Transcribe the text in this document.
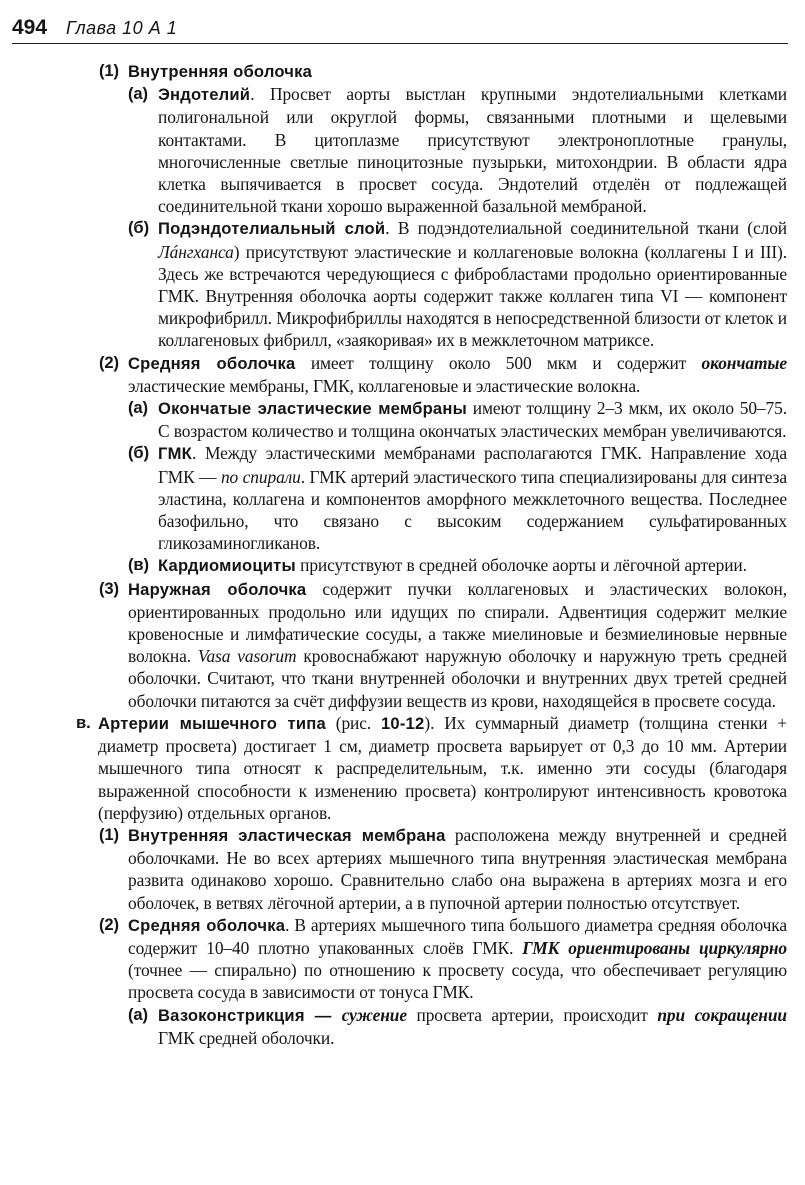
494 Глава 10 А 1
(1) Внутренняя оболочка
(а) Эндотелий. Просвет аорты выстлан крупными эндотелиальными клетками полигональной или округлой формы, связанными плотными и щелевыми контактами. В цитоплазме присутствуют электроноплотные гранулы, многочисленные светлые пиноцитозные пузырьки, митохондрии. В области ядра клетка выпячивается в просвет сосуда. Эндотелий отделён от подлежащей соединительной ткани хорошо выраженной базальной мембраной.
(б) Подэндотелиальный слой. В подэндотелиальной соединительной ткани (слой Лáнгханса) присутствуют эластические и коллагеновые волокна (коллагены I и III). Здесь же встречаются чередующиеся с фибробластами продольно ориентированные ГМК. Внутренняя оболочка аорты содержит также коллаген типа VI — компонент микрофибрилл. Микрофибриллы находятся в непосредственной близости от клеток и коллагеновых фибрилл, «заякоривая» их в межклеточном матриксе.
(2) Средняя оболочка имеет толщину около 500 мкм и содержит окончатые эластические мембраны, ГМК, коллагеновые и эластические волокна.
(а) Окончатые эластические мембраны имеют толщину 2–3 мкм, их около 50–75. С возрастом количество и толщина окончатых эластических мембран увеличиваются.
(б) ГМК. Между эластическими мембранами располагаются ГМК. Направление хода ГМК — по спирали. ГМК артерий эластического типа специализированы для синтеза эластина, коллагена и компонентов аморфного межклеточного вещества. Последнее базофильно, что связано с высоким содержанием сульфатированных гликозаминогликанов.
(в) Кардиомиоциты присутствуют в средней оболочке аорты и лёгочной артерии.
(3) Наружная оболочка содержит пучки коллагеновых и эластических волокон, ориентированных продольно или идущих по спирали. Адвентиция содержит мелкие кровеносные и лимфатические сосуды, а также миелиновые и безмиелиновые нервные волокна. Vasa vasorum кровоснабжают наружную оболочку и наружную треть средней оболочки. Считают, что ткани внутренней оболочки и внутренних двух третей средней оболочки питаются за счёт диффузии веществ из крови, находящейся в просвете сосуда.
в. Артерии мышечного типа (рис. 10-12). Их суммарный диаметр (толщина стенки + диаметр просвета) достигает 1 см, диаметр просвета варьирует от 0,3 до 10 мм. Артерии мышечного типа относят к распределительным, т.к. именно эти сосуды (благодаря выраженной способности к изменению просвета) контролируют интенсивность кровотока (перфузию) отдельных органов.
(1) Внутренняя эластическая мембрана расположена между внутренней и средней оболочками. Не во всех артериях мышечного типа внутренняя эластическая мембрана развита одинаково хорошо. Сравнительно слабо она выражена в артериях мозга и его оболочек, в ветвях лёгочной артерии, а в пупочной артерии полностью отсутствует.
(2) Средняя оболочка. В артериях мышечного типа большого диаметра средняя оболочка содержит 10–40 плотно упакованных слоёв ГМК. ГМК ориентированы циркулярно (точнее — спирально) по отношению к просвету сосуда, что обеспечивает регуляцию просвета сосуда в зависимости от тонуса ГМК.
(а) Вазоконстрикция — сужение просвета артерии, происходит при сокращении ГМК средней оболочки.
